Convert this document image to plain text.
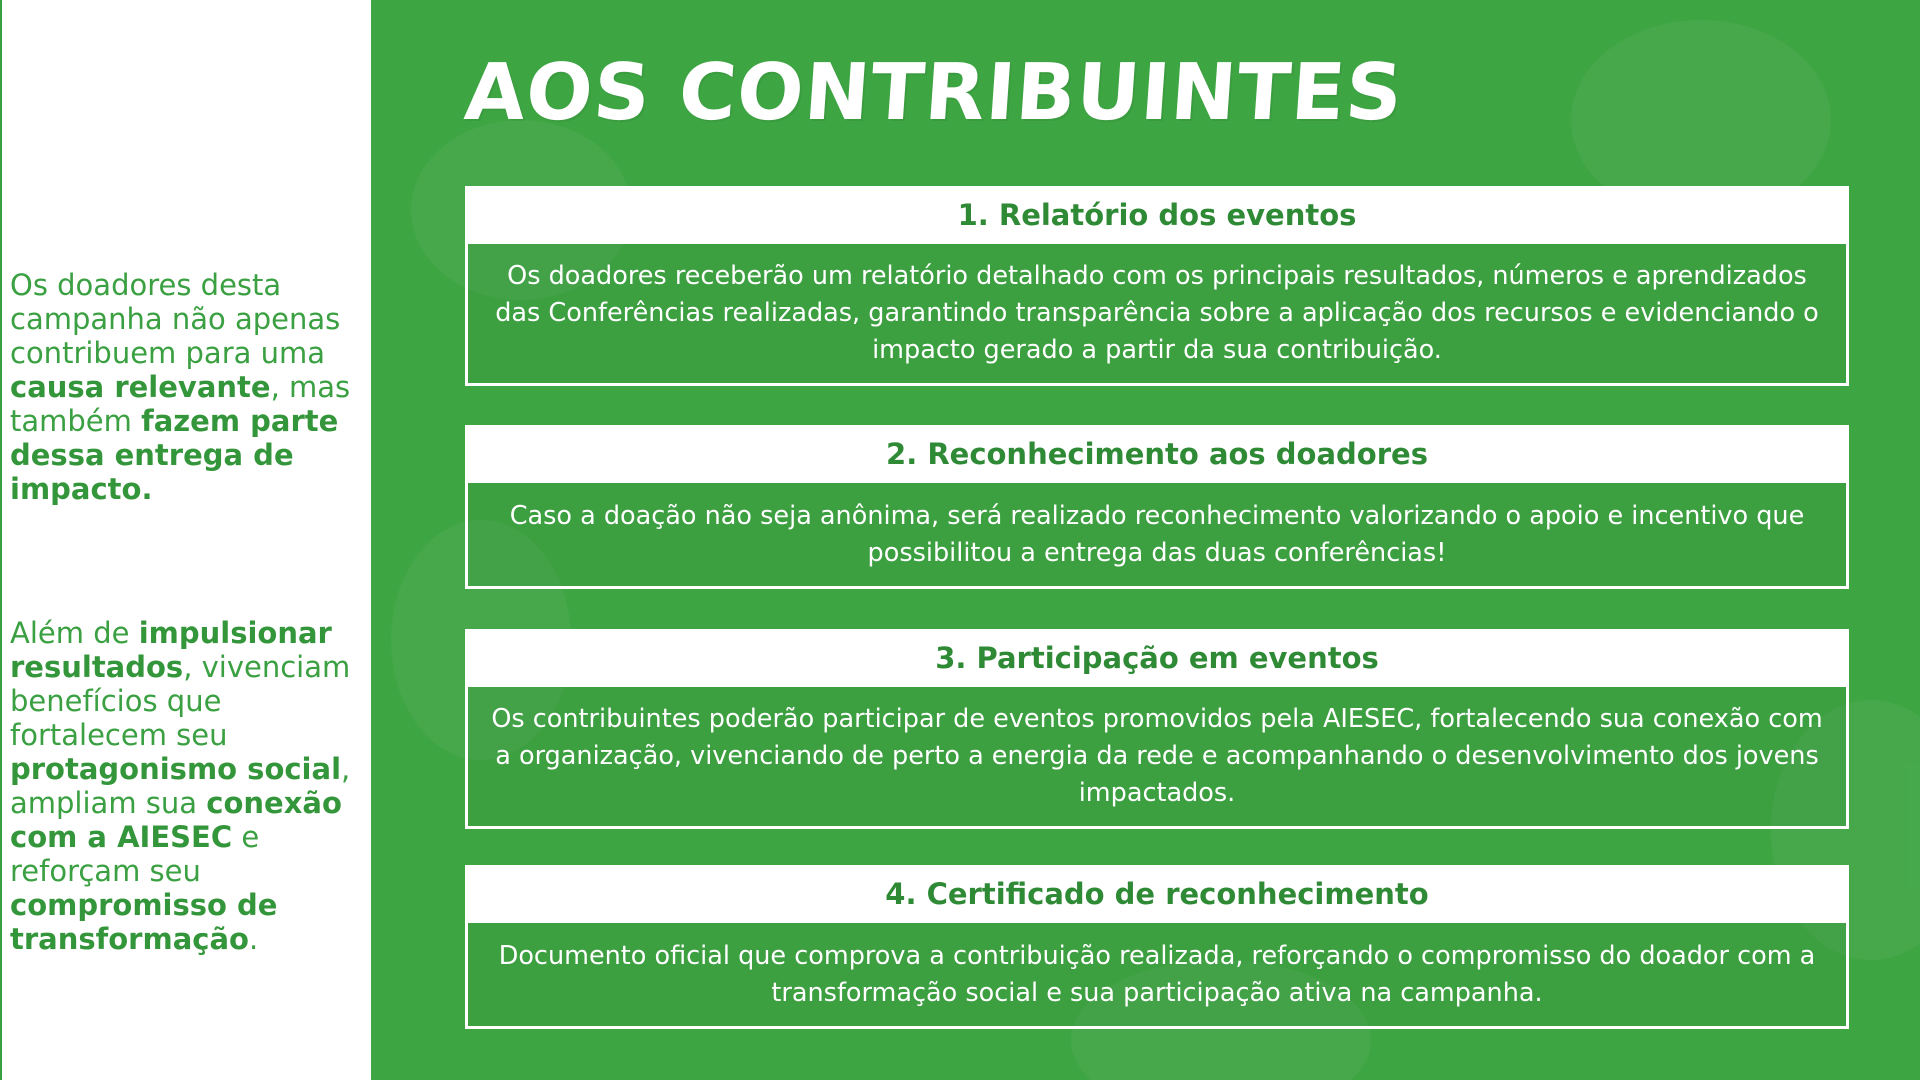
Os doadores desta campanha não apenas contribuem para uma causa relevante, mas também fazem parte dessa entrega de impacto.

Além de impulsionar resultados, vivenciam benefícios que fortalecem seu protagonismo social, ampliam sua conexão com a AIESEC e reforçam seu compromisso de transformação.

AOS CONTRIBUINTES
1. Relatório dos eventos
Os doadores receberão um relatório detalhado com os principais resultados, números e aprendizados das Conferências realizadas, garantindo transparência sobre a aplicação dos recursos e evidenciando o impacto gerado a partir da sua contribuição.
2. Reconhecimento aos doadores
Caso a doação não seja anônima, será realizado reconhecimento valorizando o apoio e incentivo que possibilitou a entrega das duas conferências!
3. Participação em eventos
Os contribuintes poderão participar de eventos promovidos pela AIESEC, fortalecendo sua conexão com a organização, vivenciando de perto a energia da rede e acompanhando o desenvolvimento dos jovens impactados.
4. Certificado de reconhecimento
Documento oficial que comprova a contribuição realizada, reforçando o compromisso do doador com a transformação social e sua participação ativa na campanha.
